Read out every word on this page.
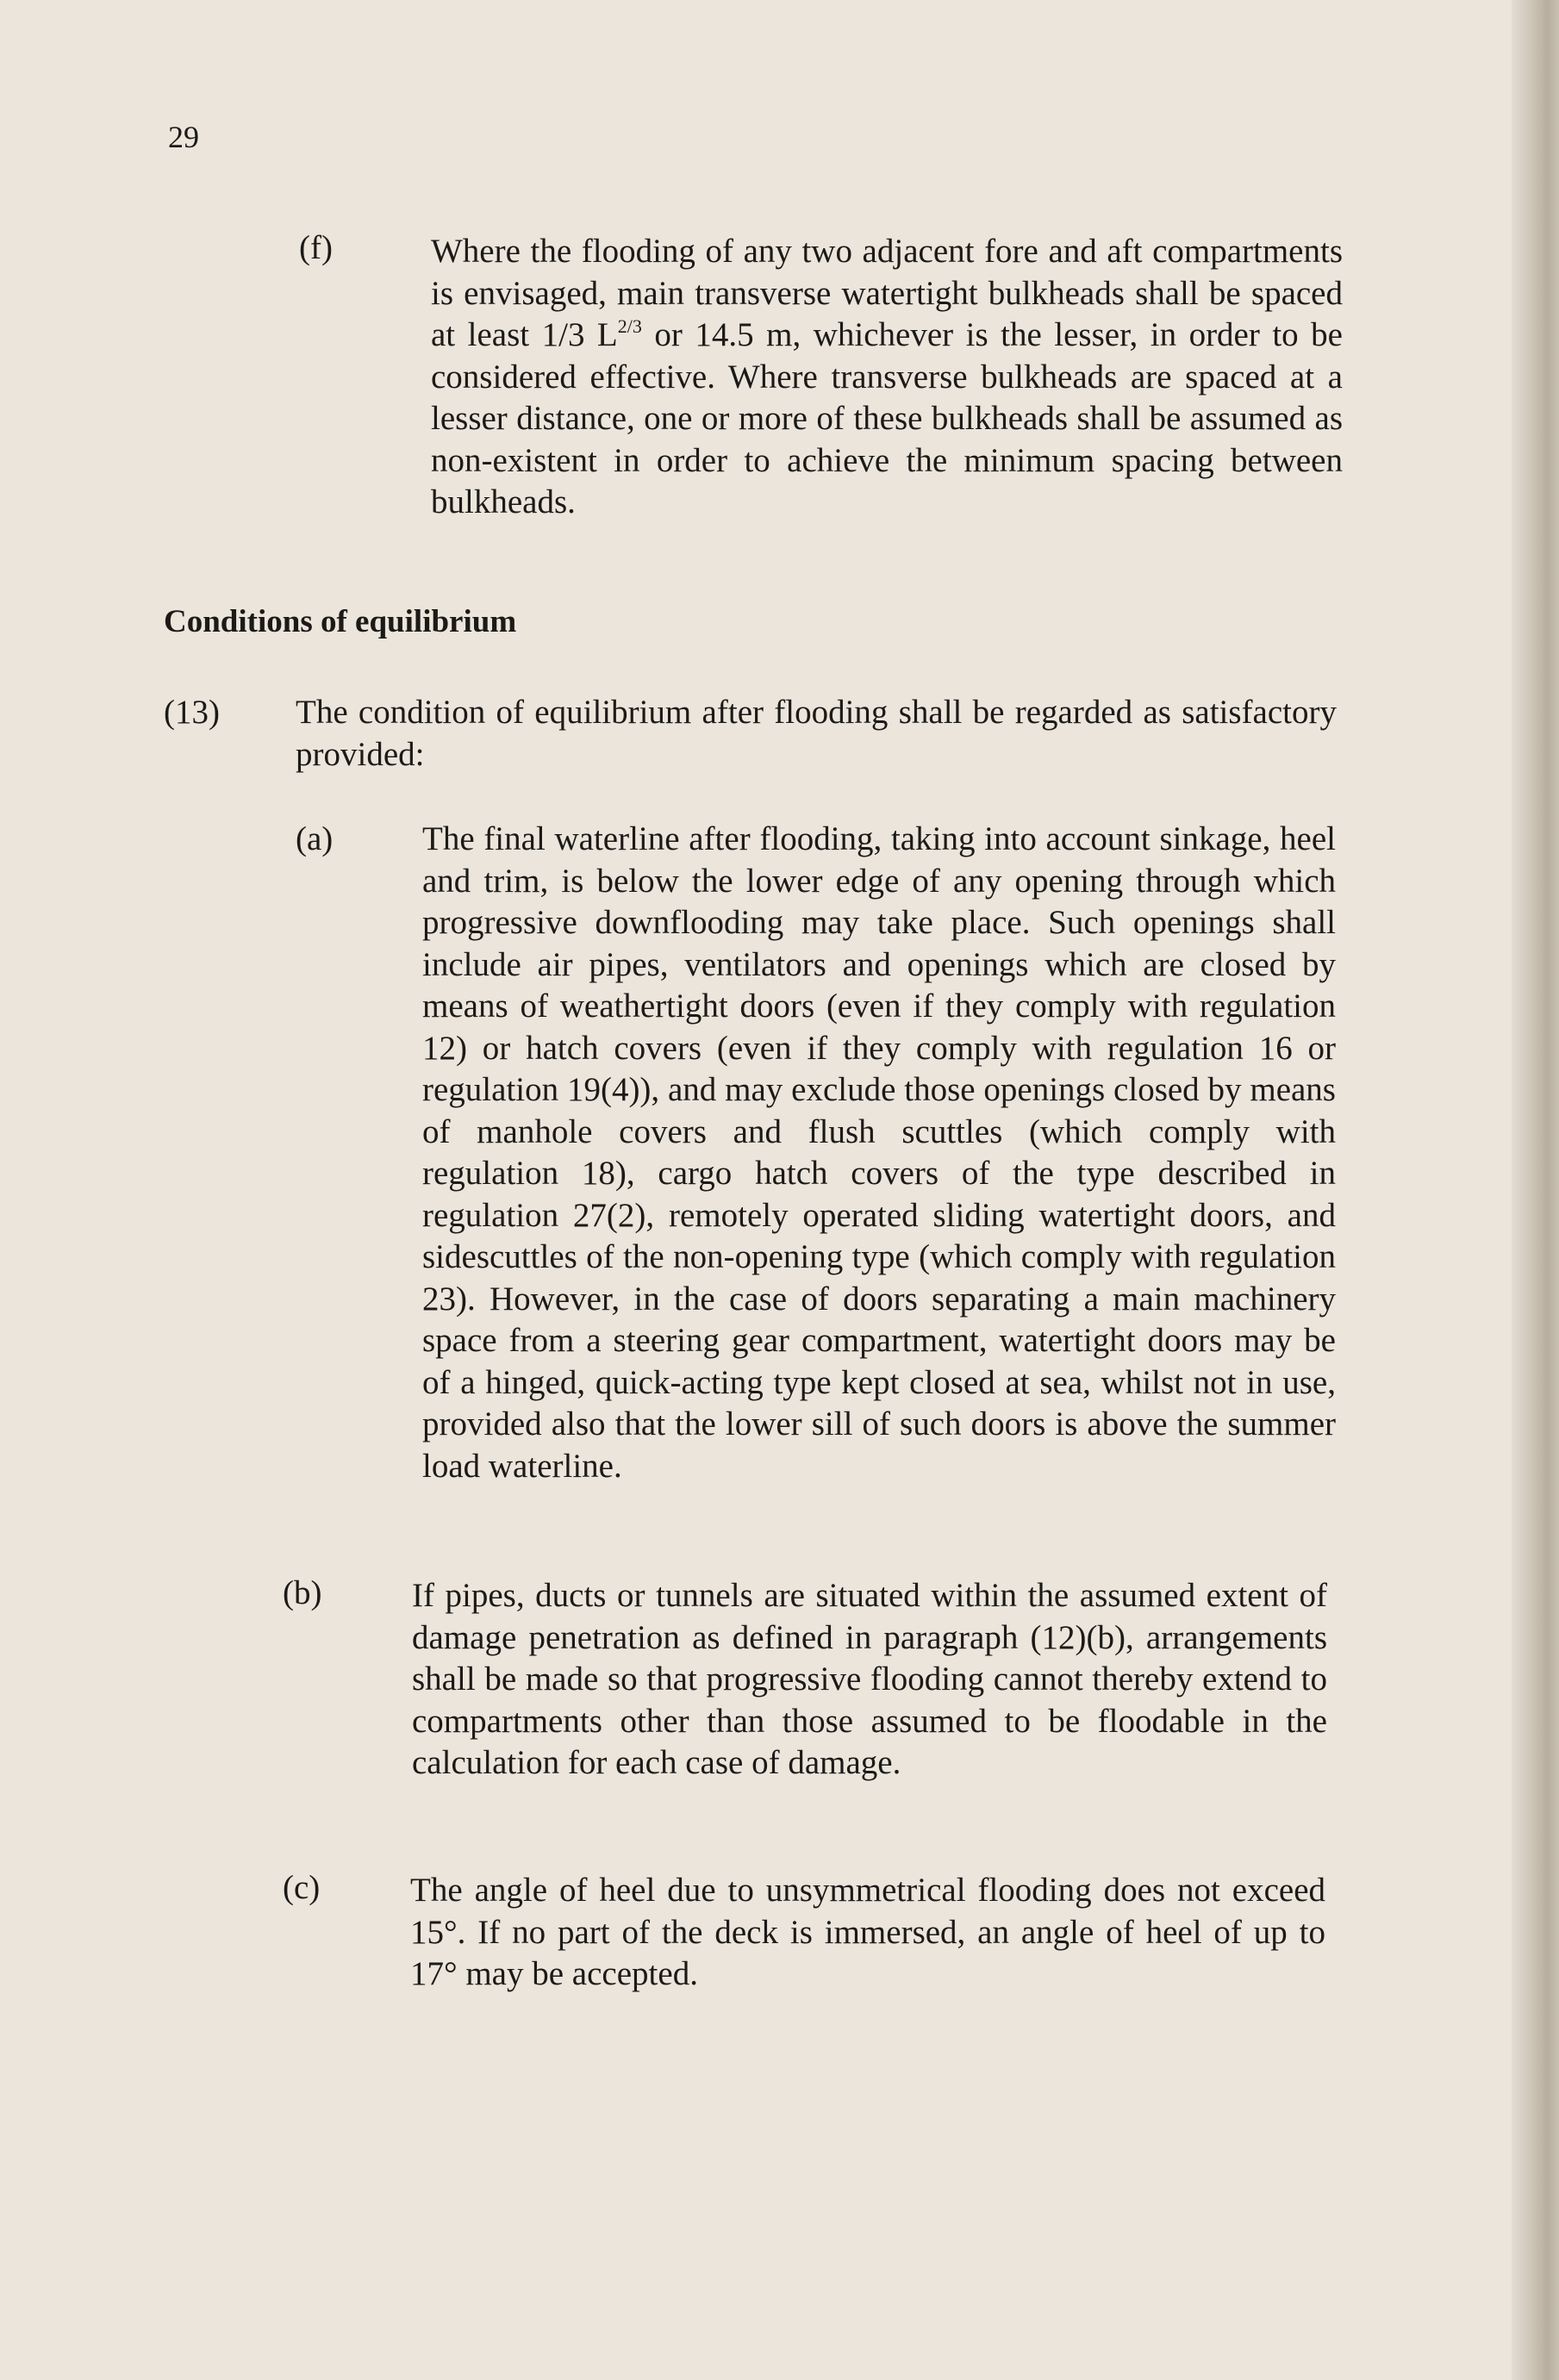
29
(f)	Where the flooding of any two adjacent fore and aft compartments is envisaged, main transverse watertight bulkheads shall be spaced at least 1/3 $L^{2/3}$ or 14.5 m, whichever is the lesser, in order to be considered effective. Where transverse bulkheads are spaced at a lesser distance, one or more of these bulkheads shall be assumed as non-existent in order to achieve the minimum spacing between bulkheads.
Conditions of equilibrium
(13) The condition of equilibrium after flooding shall be regarded as satisfactory provided:
(a)	The final waterline after flooding, taking into account sinkage, heel and trim, is below the lower edge of any opening through which progressive downflooding may take place. Such openings shall include air pipes, ventilators and openings which are closed by means of weathertight doors (even if they comply with regulation 12) or hatch covers (even if they comply with regulation 16 or regulation 19(4)), and may exclude those openings closed by means of manhole covers and flush scuttles (which comply with regulation 18), cargo hatch covers of the type described in regulation 27(2), remotely operated sliding watertight doors, and sidescuttles of the non-opening type (which comply with regulation 23). However, in the case of doors separating a main machinery space from a steering gear compartment, watertight doors may be of a hinged, quick-acting type kept closed at sea, whilst not in use, provided also that the lower sill of such doors is above the summer load waterline.
(b)	If pipes, ducts or tunnels are situated within the assumed extent of damage penetration as defined in paragraph (12)(b), arrangements shall be made so that progressive flooding cannot thereby extend to compartments other than those assumed to be floodable in the calculation for each case of damage.
(c)	The angle of heel due to unsymmetrical flooding does not exceed 15°. If no part of the deck is immersed, an angle of heel of up to 17° may be accepted.
